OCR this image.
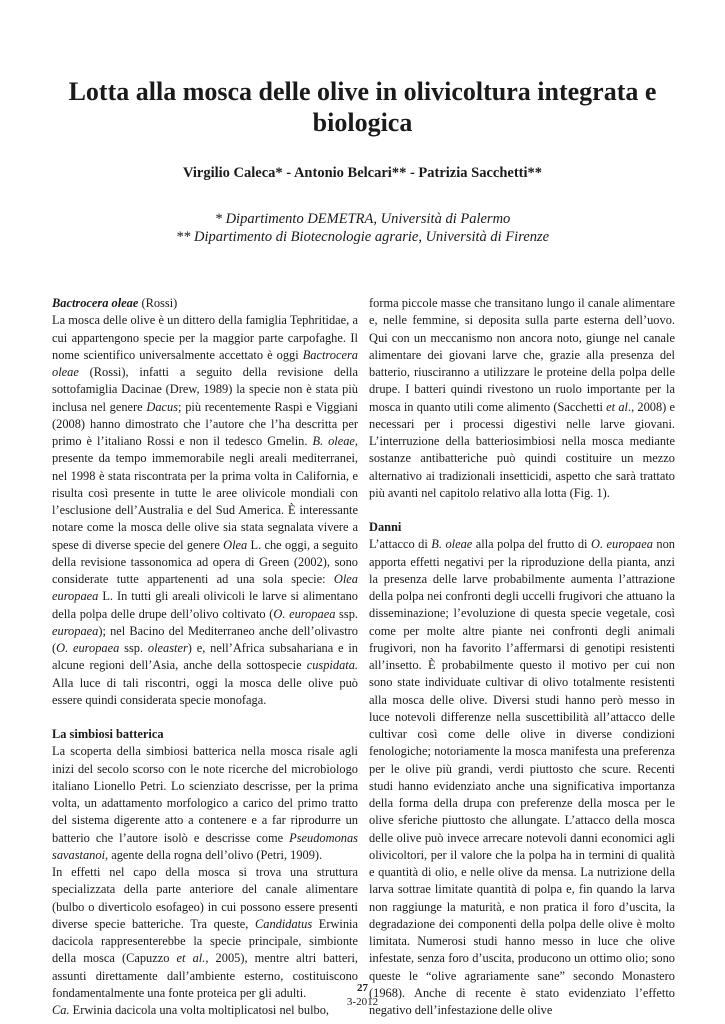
Lotta alla mosca delle olive in olivicoltura integrata e biologica
Virgilio Caleca* - Antonio Belcari** - Patrizia Sacchetti**
* Dipartimento DEMETRA, Università di Palermo
** Dipartimento di Biotecnologie agrarie, Università di Firenze
Bactrocera oleae (Rossi)

La mosca delle olive è un dittero della famiglia Tephritidae, a cui appartengono specie per la maggior parte carpofaghe. Il nome scientifico universalmente accettato è oggi Bactrocera oleae (Rossi), infatti a seguito della revisione della sottofamiglia Dacinae (Drew, 1989) la specie non è stata più inclusa nel genere Dacus; più recentemente Raspi e Viggiani (2008) hanno dimostrato che l’autore che l’ha descritta per primo è l’italiano Rossi e non il tedesco Gmelin. B. oleae, presente da tempo immemorabile negli areali mediterranei, nel 1998 è stata riscontrata per la prima volta in California, e risulta così presente in tutte le aree olivicole mondiali con l’esclusione dell’Australia e del Sud America. È interessante notare come la mosca delle olive sia stata segnalata vivere a spese di diverse specie del genere Olea L. che oggi, a seguito della revisione tassonomica ad opera di Green (2002), sono considerate tutte appartenenti ad una sola specie: Olea europaea L. In tutti gli areali olivicoli le larve si alimentano della polpa delle drupe dell’olivo coltivato (O. europaea ssp. europaea); nel Bacino del Mediterraneo anche dell’olivastro (O. europaea ssp. oleaster) e, nell’Africa subsahariana e in alcune regioni dell’Asia, anche della sottospecie cuspidata. Alla luce di tali riscontri, oggi la mosca delle olive può essere quindi considerata specie monofaga.

La simbiosi batterica

La scoperta della simbiosi batterica nella mosca risale agli inizi del secolo scorso con le note ricerche del microbiologo italiano Lionello Petri. Lo scienziato descrisse, per la prima volta, un adattamento morfologico a carico del primo tratto del sistema digerente atto a contenere e a far riprodurre un batterio che l’autore isolò e descrisse come Pseudomonas savastanoi, agente della rogna dell’olivo (Petri, 1909).

In effetti nel capo della mosca si trova una struttura specializzata della parte anteriore del canale alimentare (bulbo o diverticolo esofageo) in cui possono essere presenti diverse specie batteriche. Tra queste, Candidatus Erwinia dacicola rappresenterebbe la specie principale, simbionte della mosca (Capuzzo et al., 2005), mentre altri batteri, assunti direttamente dall’ambiente esterno, costituiscono fondamentalmente una fonte proteica per gli adulti.

Ca. Erwinia dacicola una volta moltiplicatosi nel bulbo,

forma piccole masse che transitano lungo il canale alimentare e, nelle femmine, si deposita sulla parte esterna dell’uovo. Qui con un meccanismo non ancora noto, giunge nel canale alimentare dei giovani larve che, grazie alla presenza del batterio, riusciranno a utilizzare le proteine della polpa delle drupe. I batteri quindi rivestono un ruolo importante per la mosca in quanto utili come alimento (Sacchetti et al., 2008) e necessari per i processi digestivi nelle larve giovani. L’interruzione della batteriosimbiosi nella mosca mediante sostanze antibatteriche può quindi costituire un mezzo alternativo ai tradizionali insetticidi, aspetto che sarà trattato più avanti nel capitolo relativo alla lotta (Fig. 1).

Danni

L’attacco di B. oleae alla polpa del frutto di O. europaea non apporta effetti negativi per la riproduzione della pianta, anzi la presenza delle larve probabilmente aumenta l’attrazione della polpa nei confronti degli uccelli frugivori che attuano la disseminazione; l’evoluzione di questa specie vegetale, così come per molte altre piante nei confronti degli animali frugivori, non ha favorito l’affermarsi di genotipi resistenti all’insetto. È probabilmente questo il motivo per cui non sono state individuate cultivar di olivo totalmente resistenti alla mosca delle olive. Diversi studi hanno però messo in luce notevoli differenze nella suscettibilità all’attacco delle cultivar così come delle olive in diverse condizioni fenologiche; notoriamente la mosca manifesta una preferenza per le olive più grandi, verdi piuttosto che scure. Recenti studi hanno evidenziato anche una significativa importanza della forma della drupa con preferenze della mosca per le olive sferiche piuttosto che allungate. L’attacco della mosca delle olive può invece arrecare notevoli danni economici agli olivicoltori, per il valore che la polpa ha in termini di qualità e quantità di olio, e nelle olive da mensa. La nutrizione della larva sottrae limitate quantità di polpa e, fin quando la larva non raggiunge la maturità, e non pratica il foro d’uscita, la degradazione dei componenti della polpa delle olive è molto limitata. Numerosi studi hanno messo in luce che olive infestate, senza foro d’uscita, producono un ottimo olio; sono queste le “olive agrariamente sane” secondo Monastero (1968). Anche di recente è stato evidenziato l’effetto negativo dell’infestazione delle olive

27
3-2012
